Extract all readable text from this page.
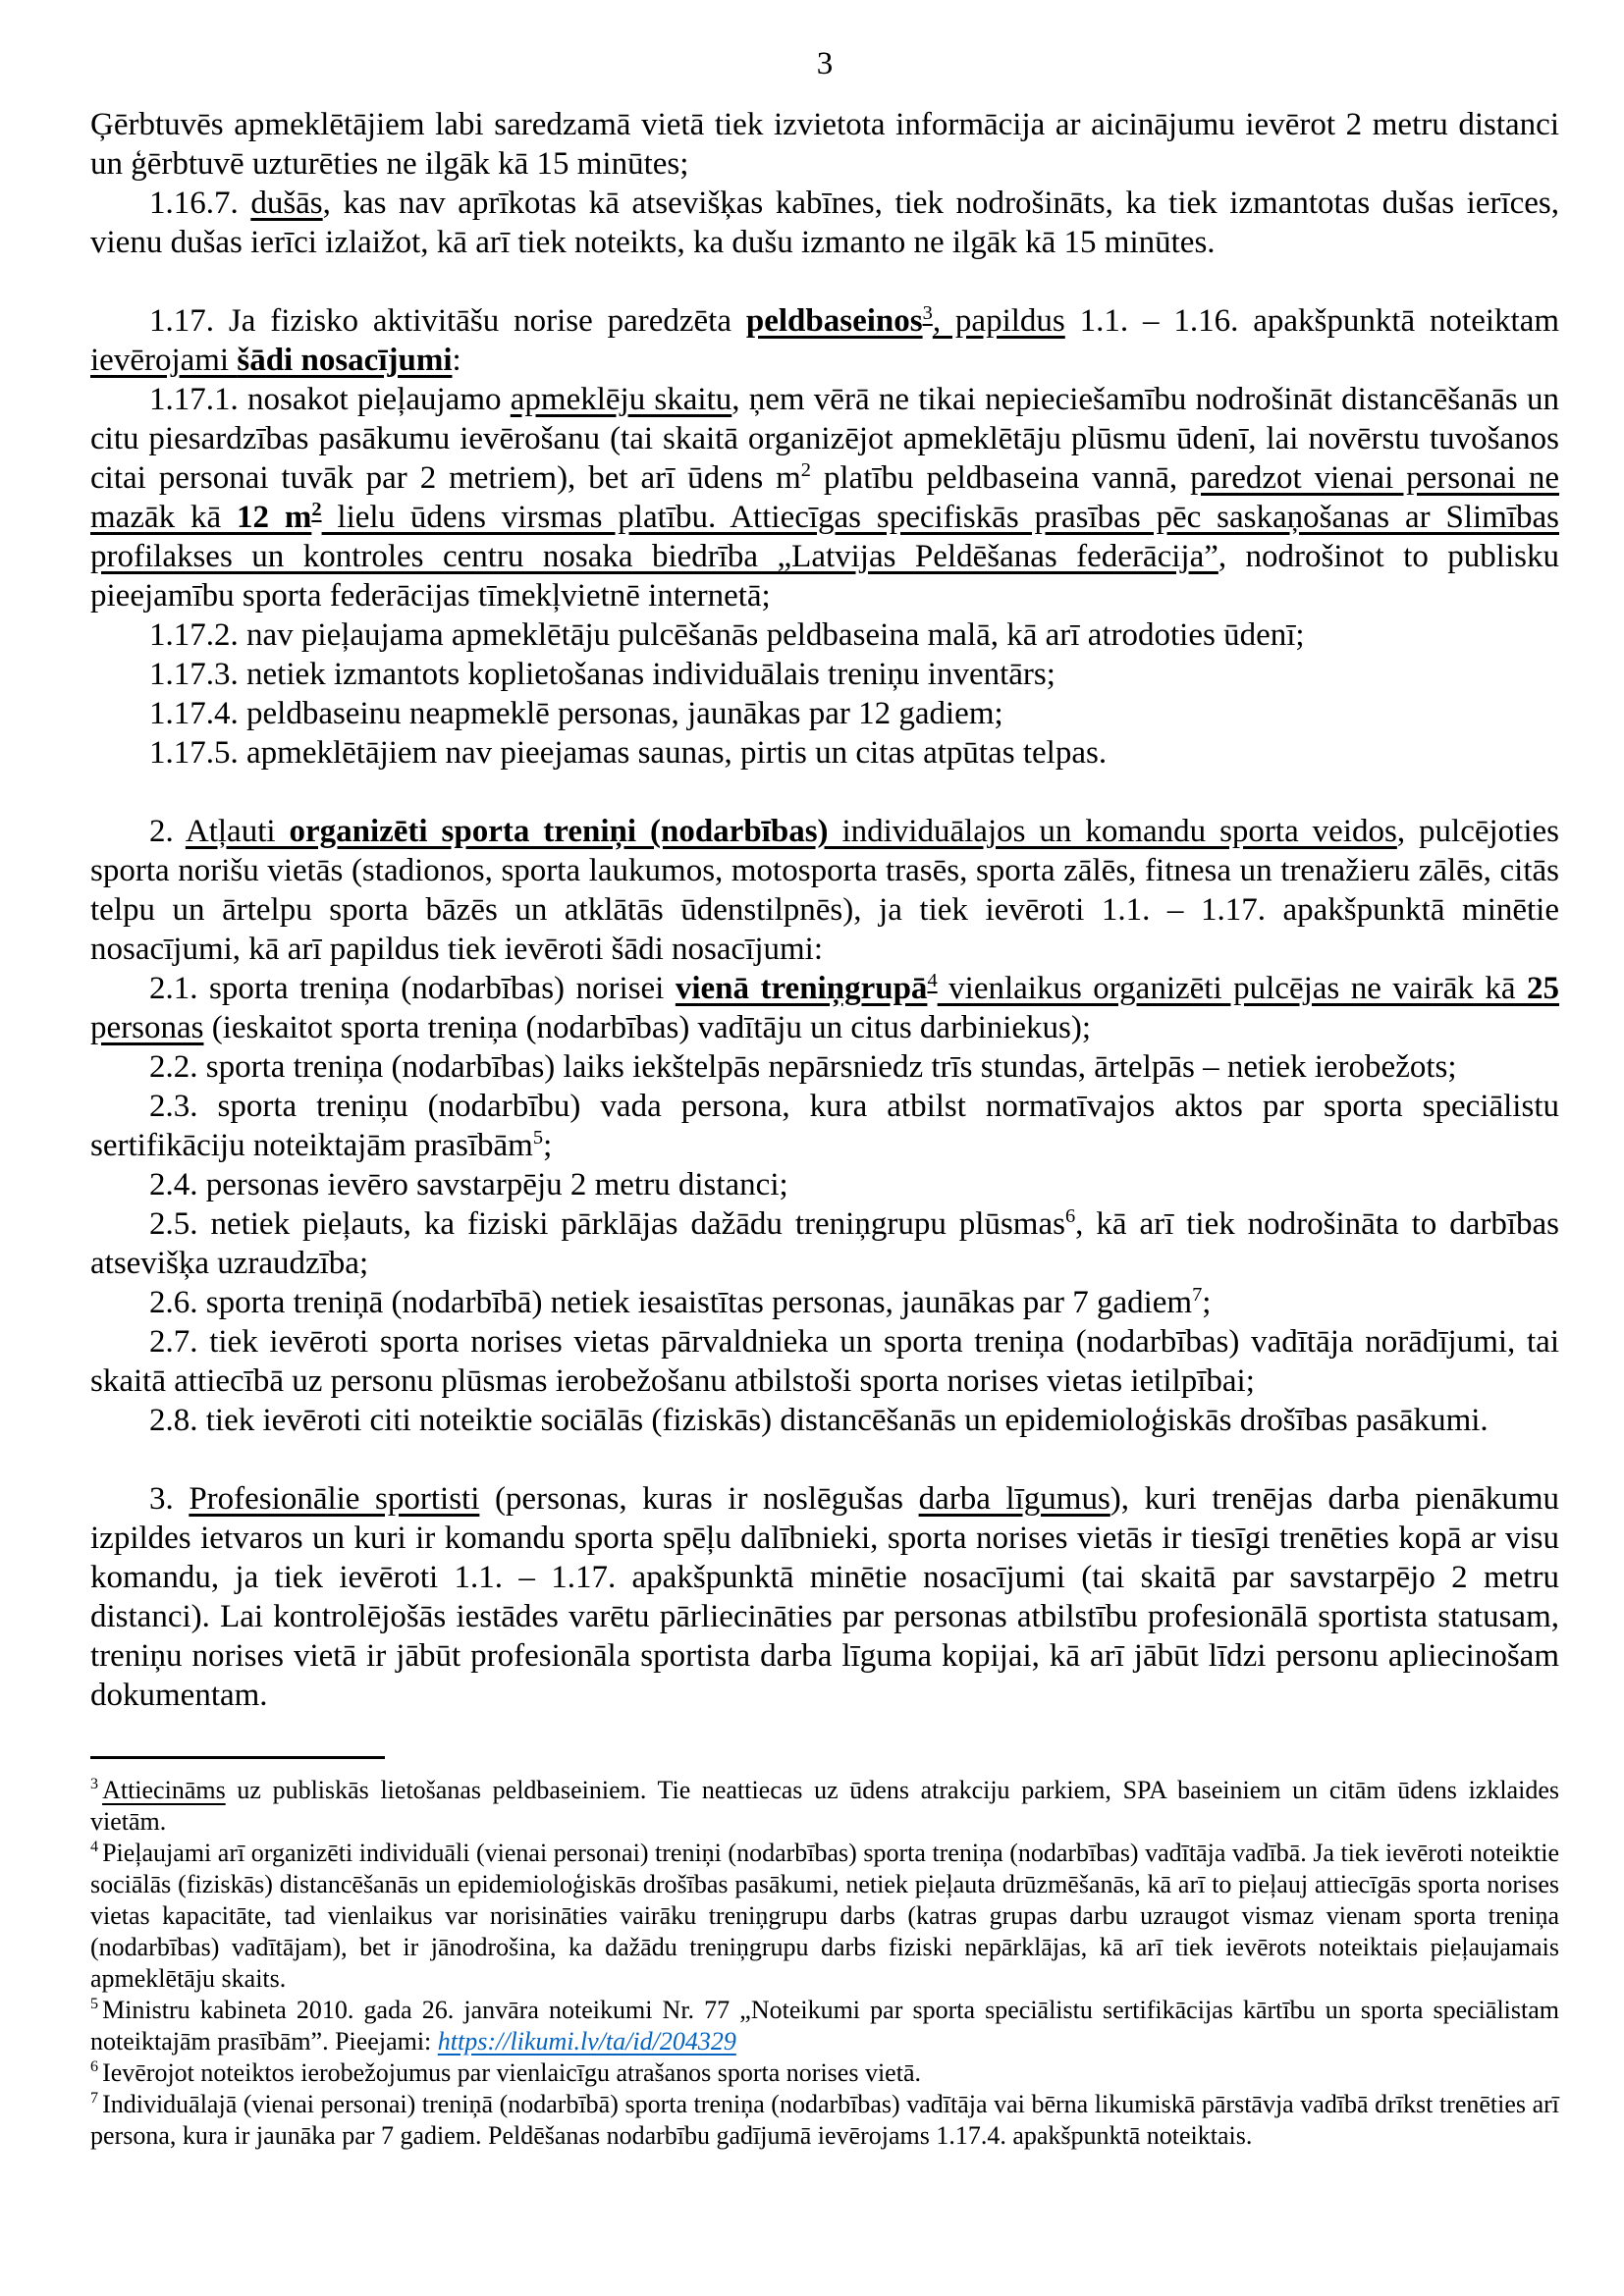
3

Ģērbtuvēs apmeklētājiem labi saredzamā vietā tiek izvietota informācija ar aicinājumu ievērot 2 metru distanci un ģērbtuvē uzturēties ne ilgāk kā 15 minūtes;

1.16.7. dušās, kas nav aprīkotas kā atsevišķas kabīnes, tiek nodrošināts, ka tiek izmantotas dušas ierīces, vienu dušas ierīci izlaižot, kā arī tiek noteikts, ka dušu izmanto ne ilgāk kā 15 minūtes.

1.17. Ja fizisko aktivitāšu norise paredzēta peldbaseinos$^3$, papildus 1.1. – 1.16. apakšpunktā noteiktam ievērojami šādi nosacījumi:

1.17.1. nosakot pieļaujamo apmeklēju skaitu, ņem vērā ne tikai nepieciešamību nodrošināt distancēšanās un citu piesardzības pasākumu ievērošanu (tai skaitā organizējot apmeklētāju plūsmu ūdenī, lai novērstu tuvošanos citai personai tuvāk par 2 metriem), bet arī ūdens $m^2$ platību peldbaseina vannā, paredzot vienai personai ne mazāk kā 12 $m^2$ lielu ūdens virsmas platību. Attiecīgas specifiskās prasības pēc saskaņošanas ar Slimības profilakses un kontroles centru nosaka biedrība „Latvijas Peldēšanas federācija”, nodrošinot to publisku pieejamību sporta federācijas tīmekļvietnē internetā;

1.17.2. nav pieļaujama apmeklētāju pulcēšanās peldbaseina malā, kā arī atrodoties ūdenī;

1.17.3. netiek izmantots koplietošanas individuālais treniņu inventārs;

1.17.4. peldbaseinu neapmeklē personas, jaunākas par 12 gadiem;

1.17.5. apmeklētājiem nav pieejamas saunas, pirtis un citas atpūtas telpas.

2. Atļauti organizēti sporta treniņi (nodarbības) individuālajos un komandu sporta veidos, pulcējoties sporta norišu vietās (stadionos, sporta laukumos, motosporta trasēs, sporta zālēs, fitnesa un trenažieru zālēs, citās telpu un ārtelpu sporta bāzēs un atklātās ūdenstilpnēs), ja tiek ievēroti 1.1. – 1.17. apakšpunktā minētie nosacījumi, kā arī papildus tiek ievēroti šādi nosacījumi:

2.1. sporta treniņa (nodarbības) norisei vienā treniņgrupā$^4$ vienlaikus organizēti pulcējas ne vairāk kā 25 personas (ieskaitot sporta treniņa (nodarbības) vadītāju un citus darbiniekus);

2.2. sporta treniņa (nodarbības) laiks iekštelpās nepārsniedz trīs stundas, ārtelpās – netiek ierobežots;

2.3. sporta treniņu (nodarbību) vada persona, kura atbilst normatīvajos aktos par sporta speciālistu sertifikāciju noteiktajām prasībām$^5$;

2.4. personas ievēro savstarpēju 2 metru distanci;

2.5. netiek pieļauts, ka fiziski pārklājas dažādu treniņgrupu plūsmas$^6$, kā arī tiek nodrošināta to darbības atsevišķa uzraudzība;

2.6. sporta treniņā (nodarbībā) netiek iesaistītas personas, jaunākas par 7 gadiem$^7$;

2.7. tiek ievēroti sporta norises vietas pārvaldnieka un sporta treniņa (nodarbības) vadītāja norādījumi, tai skaitā attiecībā uz personu plūsmas ierobežošanu atbilstoši sporta norises vietas ietilpībai;

2.8. tiek ievēroti citi noteiktie sociālās (fiziskās) distancēšanās un epidemioloģiskās drošības pasākumi.

3. Profesionālie sportisti (personas, kuras ir noslēgušas darba līgumus), kuri trenējas darba pienākumu izpildes ietvaros un kuri ir komandu sporta spēļu dalībnieki, sporta norises vietās ir tiesīgi trenēties kopā ar visu komandu, ja tiek ievēroti 1.1. – 1.17. apakšpunktā minētie nosacījumi (tai skaitā par savstarpējo 2 metru distanci). Lai kontrolējošās iestādes varētu pārliecināties par personas atbilstību profesionālā sportista statusam, treniņu norises vietā ir jābūt profesionāla sportista darba līguma kopijai, kā arī jābūt līdzi personu apliecinošam dokumentam.

$^3$ Attiecināms uz publiskās lietošanas peldbaseiniem. Tie neattiecas uz ūdens atrakciju parkiem, SPA baseiniem un citām ūdens izklaides vietām.

$^4$ Pieļaujami arī organizēti individuāli (vienai personai) treniņi (nodarbības) sporta treniņa (nodarbības) vadītāja vadībā. Ja tiek ievēroti noteiktie sociālās (fiziskās) distancēšanās un epidemioloģiskās drošības pasākumi, netiek pieļauta drūzmēšanās, kā arī to pieļauj attiecīgās sporta norises vietas kapacitāte, tad vienlaikus var norisināties vairāku treniņgrupu darbs (katras grupas darbu uzraugot vismaz vienam sporta treniņa (nodarbības) vadītājam), bet ir jānodrošina, ka dažādu treniņgrupu darbs fiziski nepārklājas, kā arī tiek ievērots noteiktais pieļaujamais apmeklētāju skaits.

$^5$ Ministru kabineta 2010. gada 26. janvāra noteikumi Nr. 77 „Noteikumi par sporta speciālistu sertifikācijas kārtību un sporta speciālistam noteiktajām prasībām”. Pieejami: https://likumi.lv/ta/id/204329

$^6$ Ievērojot noteiktos ierobežojumus par vienlaicīgu atrašanos sporta norises vietā.

$^7$ Individuālajā (vienai personai) treniņā (nodarbībā) sporta treniņa (nodarbības) vadītāja vai bērna likumiskā pārstāvja vadībā drīkst trenēties arī persona, kura ir jaunāka par 7 gadiem. Peldēšanas nodarbību gadījumā ievērojams 1.17.4. apakšpunktā noteiktais.
